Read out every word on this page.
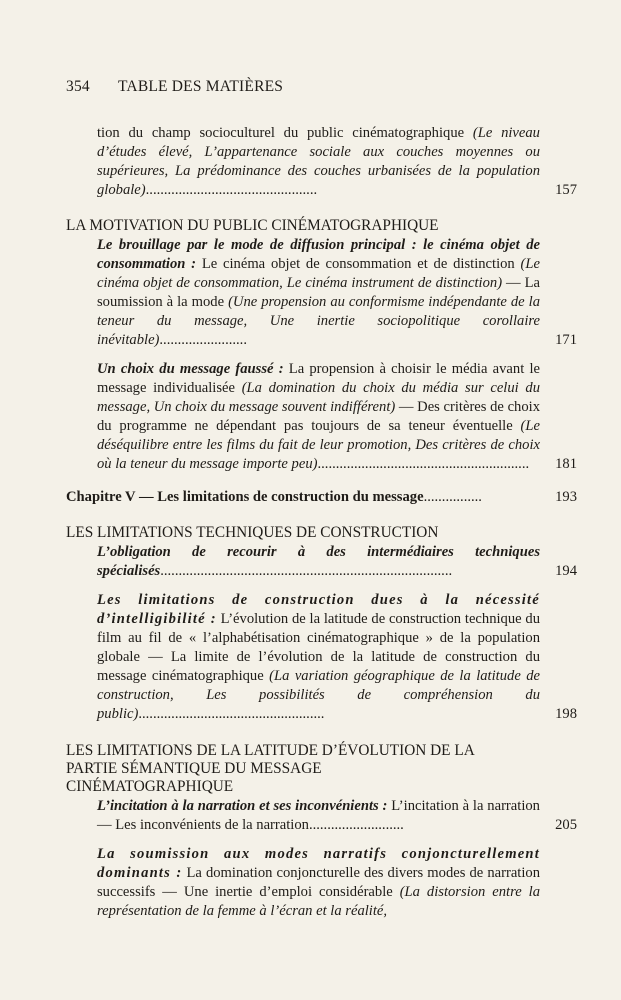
354 TABLE DES MATIÈRES
tion du champ socioculturel du public cinématographique (Le niveau d’études élevé, L’appartenance sociale aux couches moyennes ou supérieures, La prédominance des couches urbanisées de la population globale)...............................................	157
LA MOTIVATION DU PUBLIC CINÉMATOGRAPHIQUE
Le brouillage par le mode de diffusion principal : le cinéma objet de consommation : Le cinéma objet de consommation et de distinction (Le cinéma objet de consommation, Le cinéma instrument de distinction) — La soumission à la mode (Une propension au conformisme indépendante de la teneur du message, Une inertie sociopolitique corollaire inévitable)........................	171
Un choix du message faussé : La propension à choisir le média avant le message individualisée (La domination du choix du média sur celui du message, Un choix du message souvent indifférent) — Des critères de choix du programme ne dépendant pas toujours de sa teneur éventuelle (Le déséquilibre entre les films du fait de leur promotion, Des critères de choix où la teneur du message importe peu)..........................................................	181
Chapitre V — Les limitations de construction du message................	193
LES LIMITATIONS TECHNIQUES DE CONSTRUCTION
L’obligation de recourir à des intermédiaires techniques spécialisés................................................................................	194
Les limitations de construction dues à la nécessité d’intelligibilité : L’évolution de la latitude de construction technique du film au fil de « l’alphabétisation cinématographique » de la population globale — La limite de l’évolution de la latitude de construction du message cinématographique (La variation géographique de la latitude de construction, Les possibilités de compréhension du public)...................................................	198
LES LIMITATIONS DE LA LATITUDE D’ÉVOLUTION DE LA PARTIE SÉMANTIQUE DU MESSAGE CINÉMATOGRAPHIQUE
L’incitation à la narration et ses inconvénients : L’incitation à la narration — Les inconvénients de la narration..........................	205
La soumission aux modes narratifs conjoncturellement dominants : La domination conjoncturelle des divers modes de narration successifs — Une inertie d’emploi considérable (La distorsion entre la représentation de la femme à l’écran et la réalité,
